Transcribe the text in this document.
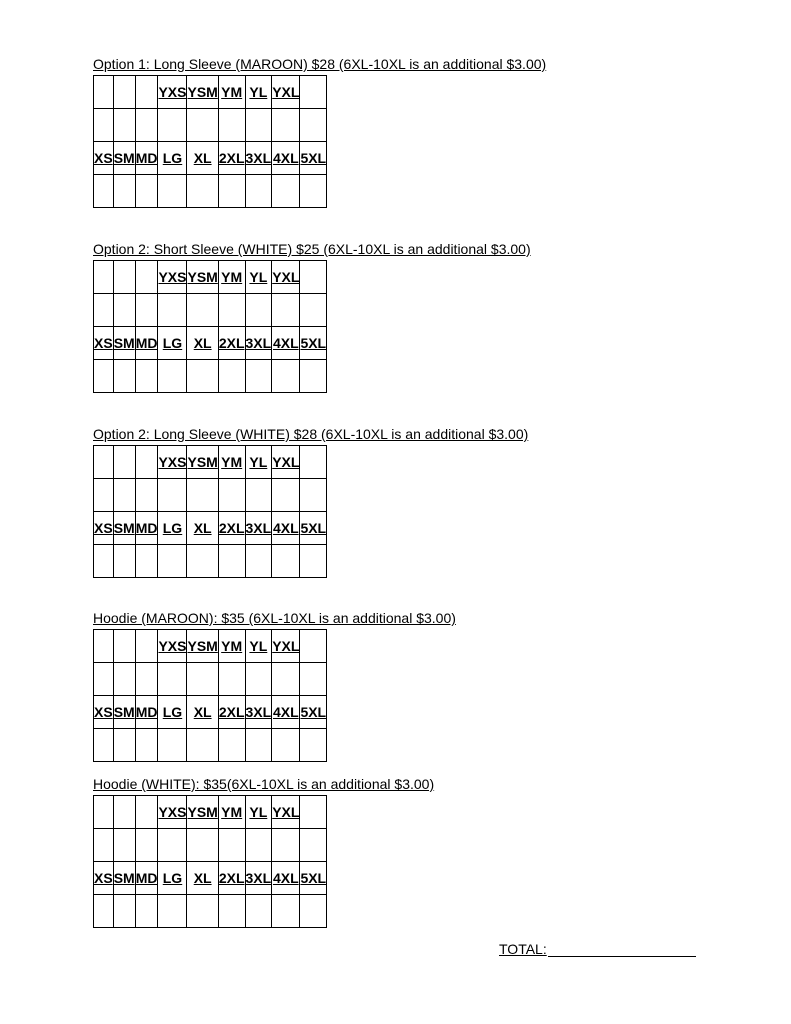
Option 1: Long Sleeve (MAROON) $28 (6XL-10XL is an additional $3.00)
			YXS	YSM	YM	YL	YXL	

XS	SM	MD	LG	XL	2XL	3XL	4XL	5XL

Option 2: Short Sleeve (WHITE) $25 (6XL-10XL is an additional $3.00)
			YXS	YSM	YM	YL	YXL	

XS	SM	MD	LG	XL	2XL	3XL	4XL	5XL

Option 2: Long Sleeve (WHITE) $28 (6XL-10XL is an additional $3.00)
			YXS	YSM	YM	YL	YXL	

XS	SM	MD	LG	XL	2XL	3XL	4XL	5XL

Hoodie (MAROON): $35 (6XL-10XL is an additional $3.00)
			YXS	YSM	YM	YL	YXL	

XS	SM	MD	LG	XL	2XL	3XL	4XL	5XL

Hoodie (WHITE): $35(6XL-10XL is an additional $3.00)
			YXS	YSM	YM	YL	YXL	

XS	SM	MD	LG	XL	2XL	3XL	4XL	5XL

TOTAL:
